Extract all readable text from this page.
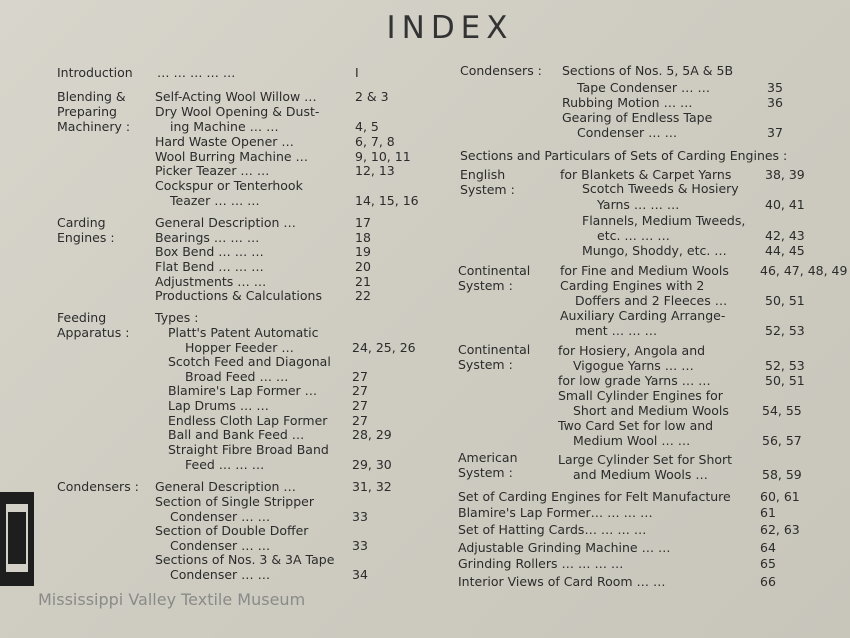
INDEX
Introduction … … … … …	I
Blending &
Preparing
Machinery :
Self-Acting Wool Willow …	2 & 3
Dry Wool Opening & Dust-
ing Machine … …	4, 5
Hard Waste Opener …	6, 7, 8
Wool Burring Machine …	9, 10, 11
Picker Teazer … …	12, 13
Cockspur or Tenterhook
Teazer … … …	14, 15, 16
Carding
Engines :
General Description …	17
Bearings … … …	18
Box Bend … … …	19
Flat Bend … … …	20
Adjustments … …	21
Productions & Calculations	22
Feeding
Apparatus :
Types :
Platt's Patent Automatic
Hopper Feeder …	24, 25, 26
Scotch Feed and Diagonal
Broad Feed … …	27
Blamire's Lap Former …	27
Lap Drums … …	27
Endless Cloth Lap Former 27
Ball and Bank Feed …	28, 29
Straight Fibre Broad Band
Feed … … …	29, 30
Condensers : General Description …	31, 32
Section of Single Stripper
Condenser … …	33
Section of Double Doffer
Condenser … …	33
Sections of Nos. 3 & 3A Tape
Condenser … …	34
Condensers : Sections of Nos. 5, 5A & 5B
Tape Condenser … …	35
Rubbing Motion … …	36
Gearing of Endless Tape
Condenser … …	37
Sections and Particulars of Sets of Carding Engines :
English
System :
for Blankets & Carpet Yarns	38, 39
Scotch Tweeds & Hosiery
Yarns … … …	40, 41
Flannels, Medium Tweeds,
etc. … … …	42, 43
Mungo, Shoddy, etc. …	44, 45
Continental
System :
for Fine and Medium Wools 46, 47, 48, 49
Carding Engines with 2
Doffers and 2 Fleeces …	50, 51
Auxiliary Carding Arrange-
ment … … …	52, 53
Continental
System :
for Hosiery, Angola and
Vigogue Yarns … …	52, 53
for low grade Yarns … …	50, 51
Small Cylinder Engines for
Short and Medium Wools	54, 55
Two Card Set for low and
Medium Wool … …	56, 57
American
System :
Large Cylinder Set for Short
and Medium Wools …	58, 59
Set of Carding Engines for Felt Manufacture 60, 61
Blamire's Lap Former… … … …	61
Set of Hatting Cards… … … …	62, 63
Adjustable Grinding Machine … …	64
Grinding Rollers … … … …	65
Interior Views of Card Room … …	66
Mississippi Valley Textile Museum
